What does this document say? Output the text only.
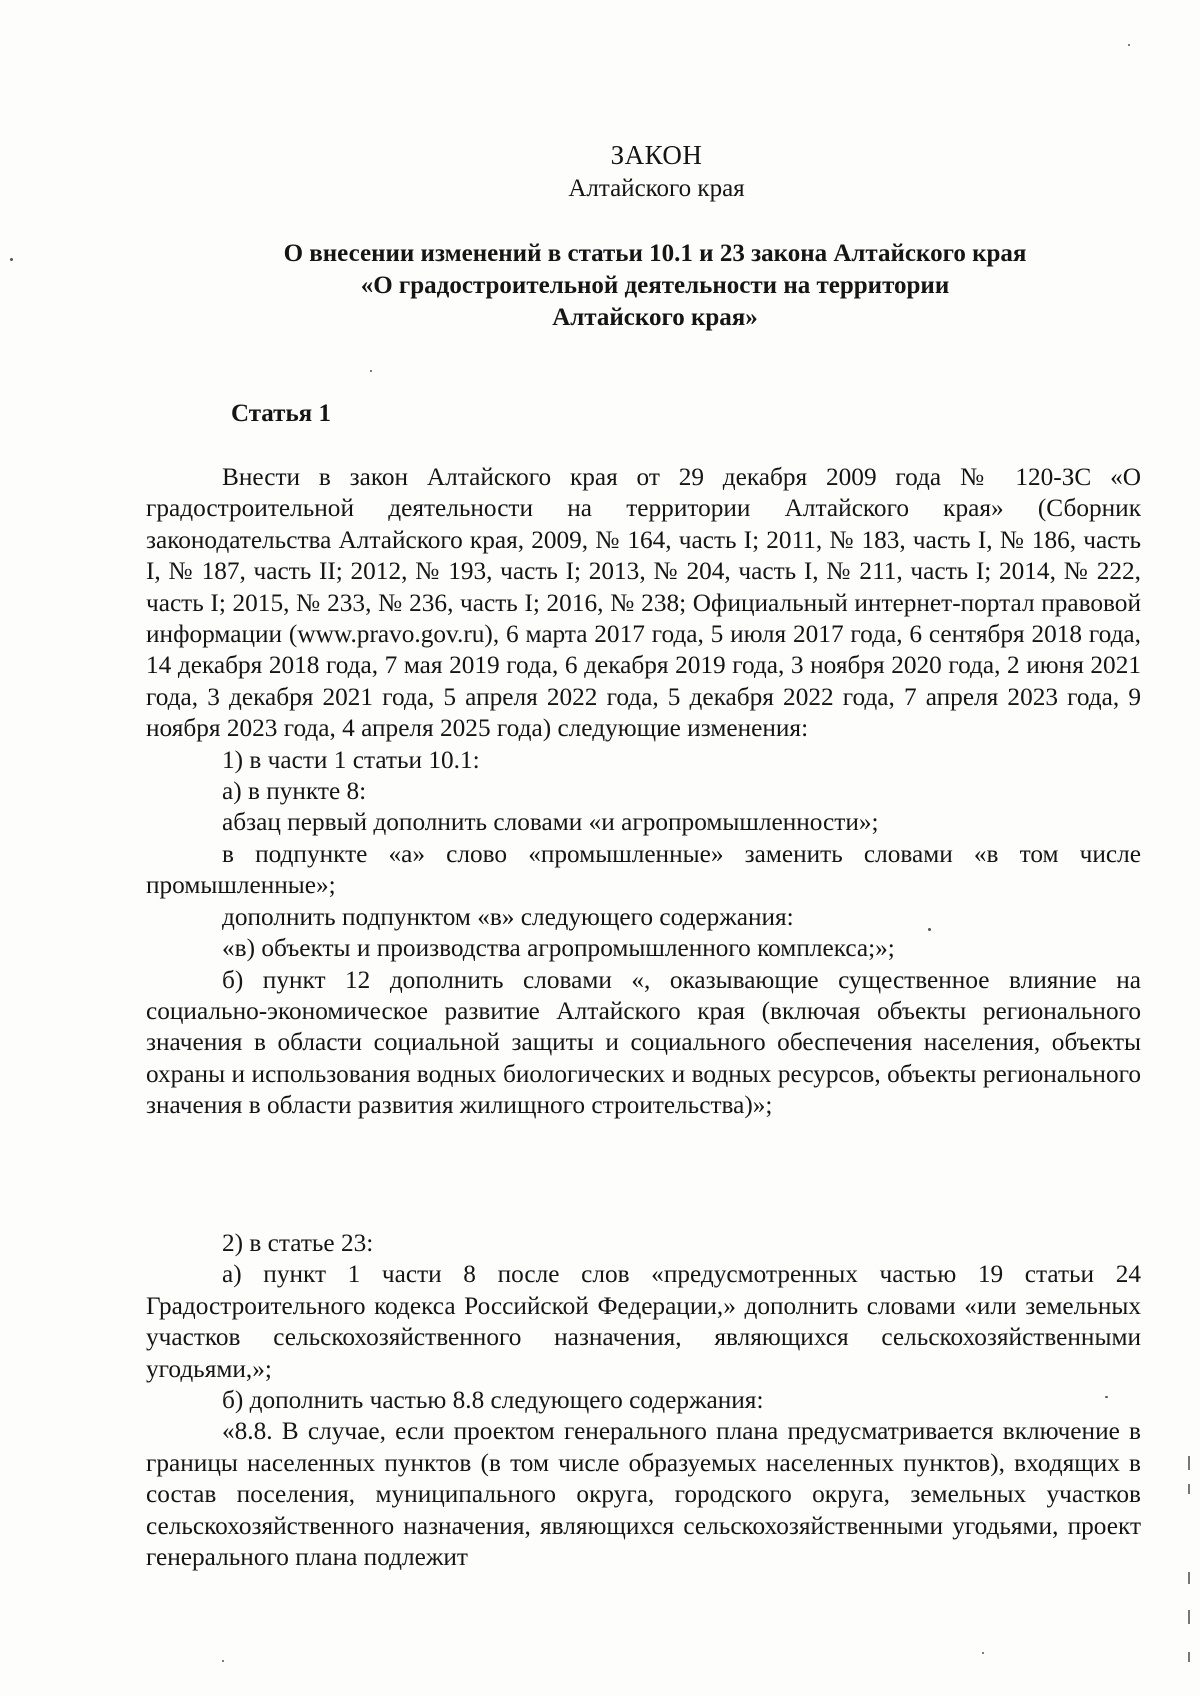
ЗАКОН
Алтайского края
О внесении изменений в статьи 10.1 и 23 закона Алтайского края
«О градостроительной деятельности на территории
Алтайского края»
Статья 1

Внести в закон Алтайского края от 29 декабря 2009 года № 120-ЗС «О градостроительной деятельности на территории Алтайского края» (Сборник законодательства Алтайского края, 2009, № 164, часть I; 2011, № 183, часть I, № 186, часть I, № 187, часть II; 2012, № 193, часть I; 2013, № 204, часть I, № 211, часть I; 2014, № 222, часть I; 2015, № 233, № 236, часть I; 2016, № 238; Официальный интернет-портал правовой информации (www.pravo.gov.ru), 6 марта 2017 года, 5 июля 2017 года, 6 сентября 2018 года, 14 декабря 2018 года, 7 мая 2019 года, 6 декабря 2019 года, 3 ноября 2020 года, 2 июня 2021 года, 3 декабря 2021 года, 5 апреля 2022 года, 5 декабря 2022 года, 7 апреля 2023 года, 9 ноября 2023 года, 4 апреля 2025 года) следующие изменения:

1) в части 1 статьи 10.1:

а) в пункте 8:

абзац первый дополнить словами «и агропромышленности»;

в подпункте «а» слово «промышленные» заменить словами «в том числе промышленные»;

дополнить подпунктом «в» следующего содержания:

«в) объекты и производства агропромышленного комплекса;»;

б) пункт 12 дополнить словами «, оказывающие существенное влияние на социально-экономическое развитие Алтайского края (включая объекты регионального значения в области социальной защиты и социального обеспечения населения, объекты охраны и использования водных биологических и водных ресурсов, объекты регионального значения в области развития жилищного строительства)»;

2) в статье 23:

а) пункт 1 части 8 после слов «предусмотренных частью 19 статьи 24 Градостроительного кодекса Российской Федерации,» дополнить словами «или земельных участков сельскохозяйственного назначения, являющихся сельскохозяйственными угодьями,»;

б) дополнить частью 8.8 следующего содержания:

«8.8. В случае, если проектом генерального плана предусматривается включение в границы населенных пунктов (в том числе образуемых населенных пунктов), входящих в состав поселения, муниципального округа, городского округа, земельных участков сельскохозяйственного назначения, являющихся сельскохозяйственными угодьями, проект генерального плана подлежит
